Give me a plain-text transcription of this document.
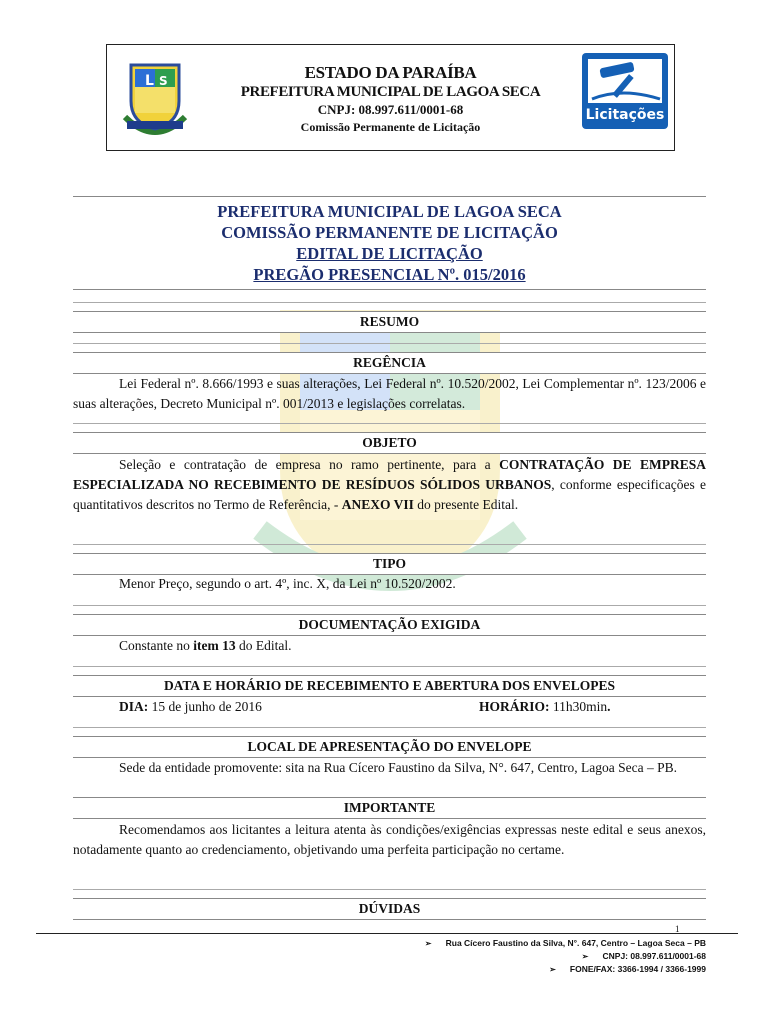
L S	ESTADO DA PARAÍBA
PREFEITURA MUNICIPAL DE LAGOA SECA
CNPJ: 08.997.611/0001-68
Comissão Permanente de Licitação
Licitações
PREFEITURA MUNICIPAL DE LAGOA SECA
COMISSÃO PERMANENTE DE LICITAÇÃO
EDITAL DE LICITAÇÃO
PREGÃO PRESENCIAL Nº. 015/2016
RESUMO
REGÊNCIA
Lei Federal nº. 8.666/1993 e suas alterações, Lei Federal nº. 10.520/2002, Lei Complementar nº. 123/2006 e suas alterações, Decreto Municipal nº. 001/2013 e legislações correlatas.
OBJETO
Seleção e contratação de empresa no ramo pertinente, para a CONTRATAÇÃO DE EMPRESA ESPECIALIZADA NO RECEBIMENTO DE RESÍDUOS SÓLIDOS URBANOS, conforme especificações e quantitativos descritos no Termo de Referência, - ANEXO VII do presente Edital.
TIPO
Menor Preço, segundo o art. 4º, inc. X, da Lei nº 10.520/2002.
DOCUMENTAÇÃO EXIGIDA
Constante no item 13 do Edital.
DATA E HORÁRIO DE RECEBIMENTO E ABERTURA DOS ENVELOPES
DIA: 15 de junho de 2016	HORÁRIO: 11h30min.
LOCAL DE APRESENTAÇÃO DO ENVELOPE
Sede da entidade promovente: sita na Rua Cícero Faustino da Silva, N°. 647, Centro, Lagoa Seca – PB.
IMPORTANTE
Recomendamos aos licitantes a leitura atenta às condições/exigências expressas neste edital e seus anexos, notadamente quanto ao credenciamento, objetivando uma perfeita participação no certame.
DÚVIDAS
1
➢ Rua Cícero Faustino da Silva, N°. 647, Centro – Lagoa Seca – PB
➢ CNPJ: 08.997.611/0001-68
➢ FONE/FAX: 3366-1994 / 3366-1999
